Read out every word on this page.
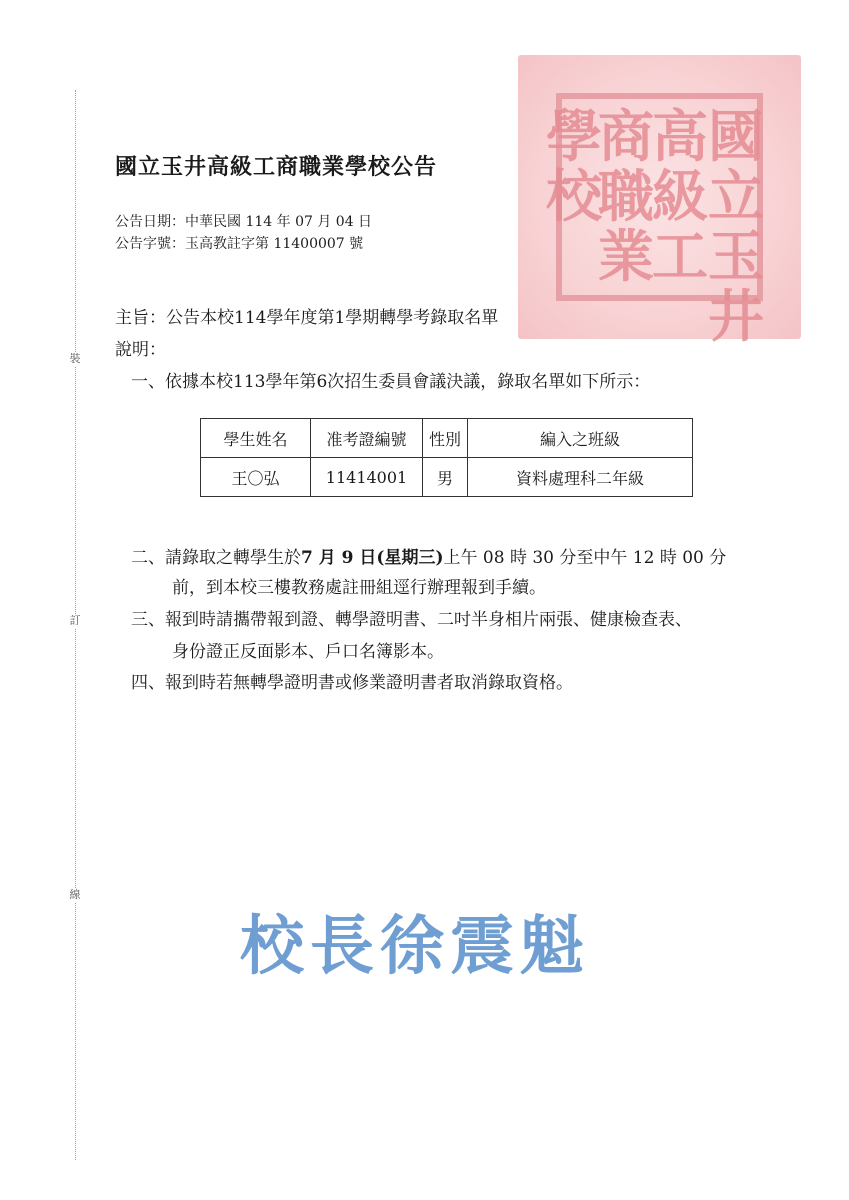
裝
訂
線
國
立
玉
井
高
級
工
商
職
業
學
校
國立玉井高級工商職業學校公告
公告日期：中華民國 114 年 07 月 04 日
公告字號：玉高教註字第 11400007 號
主旨：公告本校114學年度第1學期轉學考錄取名單
說明：
一、依據本校113學年第6次招生委員會議決議，錄取名單如下所示：
學生姓名	准考證編號	性別	編入之班級
王〇弘	11414001	男	資料處理科二年級
二、請錄取之轉學生於7 月 9 日(星期三)上午 08 時 30 分至中午 12 時 00 分
前，到本校三樓教務處註冊組逕行辦理報到手續。
三、報到時請攜帶報到證、轉學證明書、二吋半身相片兩張、健康檢查表、
身份證正反面影本、戶口名簿影本。
四、報到時若無轉學證明書或修業證明書者取消錄取資格。
校長徐震魁
